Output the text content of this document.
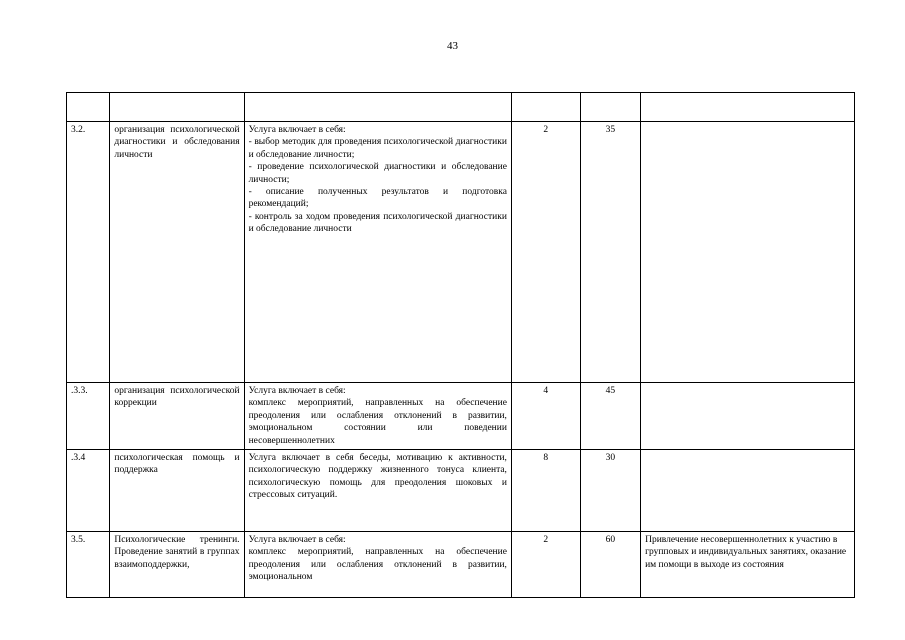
43

3.2.	организация психологической диагностики и обследования личности	Услуга включает в себя:
- выбор методик для проведения психологической диагностики и обследование личности;
- проведение психологической диагностики и обследование личности;
- описание полученных результатов и подготовка рекомендаций;
- контроль за ходом проведения психологической диагностики и обследование личности	2	35	
.3.3.	организация психологической коррекции	Услуга включает в себя:
комплекс мероприятий, направленных на обеспечение преодоления или ослабления отклонений в развитии, эмоциональном состоянии или поведении несовершеннолетних	4	45	
.3.4	психологическая помощь и поддержка	Услуга включает в себя беседы, мотивацию к активности, психологическую поддержку жизненного тонуса клиента, психологическую помощь для преодоления шоковых и стрессовых ситуаций.	8	30	
3.5.	Психологические тренинги. Проведение занятий в группах взаимоподдержки,	Услуга включает в себя:
комплекс мероприятий, направленных на обеспечение преодоления или ослабления отклонений в развитии, эмоциональном	2	60	Привлечение несовершеннолетних к участию в групповых и индивидуальных занятиях, оказание им помощи в выходе из состояния
